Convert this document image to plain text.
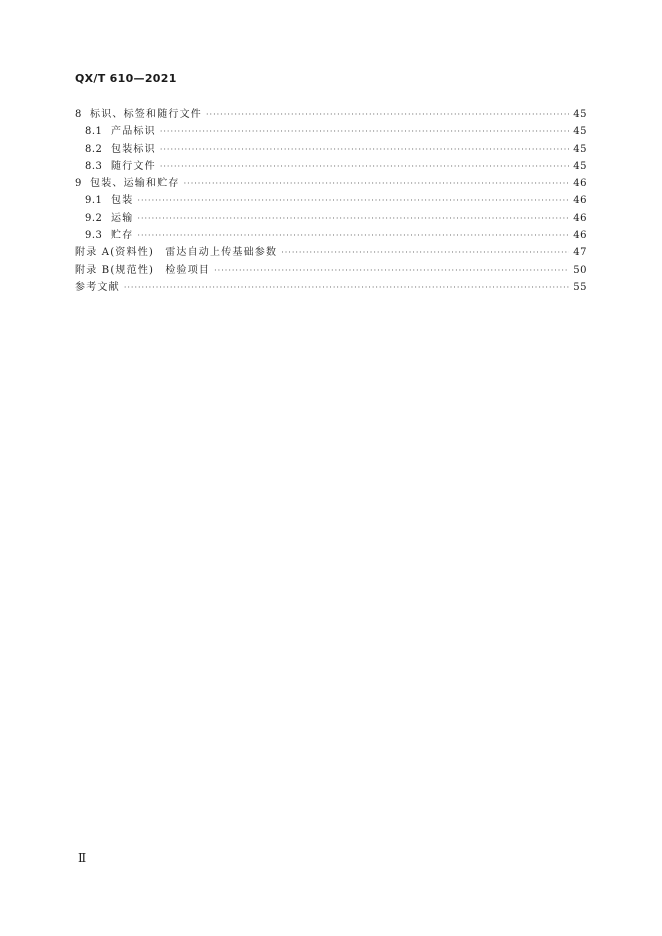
QX/T 610—2021
8 标识、标签和随行文件 ·····	45
8.1 产品标识 ·····	45
8.2 包装标识 ·····	45
8.3 随行文件 ·····	45
9 包装、运输和贮存 ·····	46
9.1 包装 ·····	46
9.2 运输 ·····	46
9.3 贮存 ·····	46
附录 A(资料性)　雷达自动上传基础参数 ·····	47
附录 B(规范性)　检验项目 ·····	50
参考文献 ·····	55
Ⅱ
